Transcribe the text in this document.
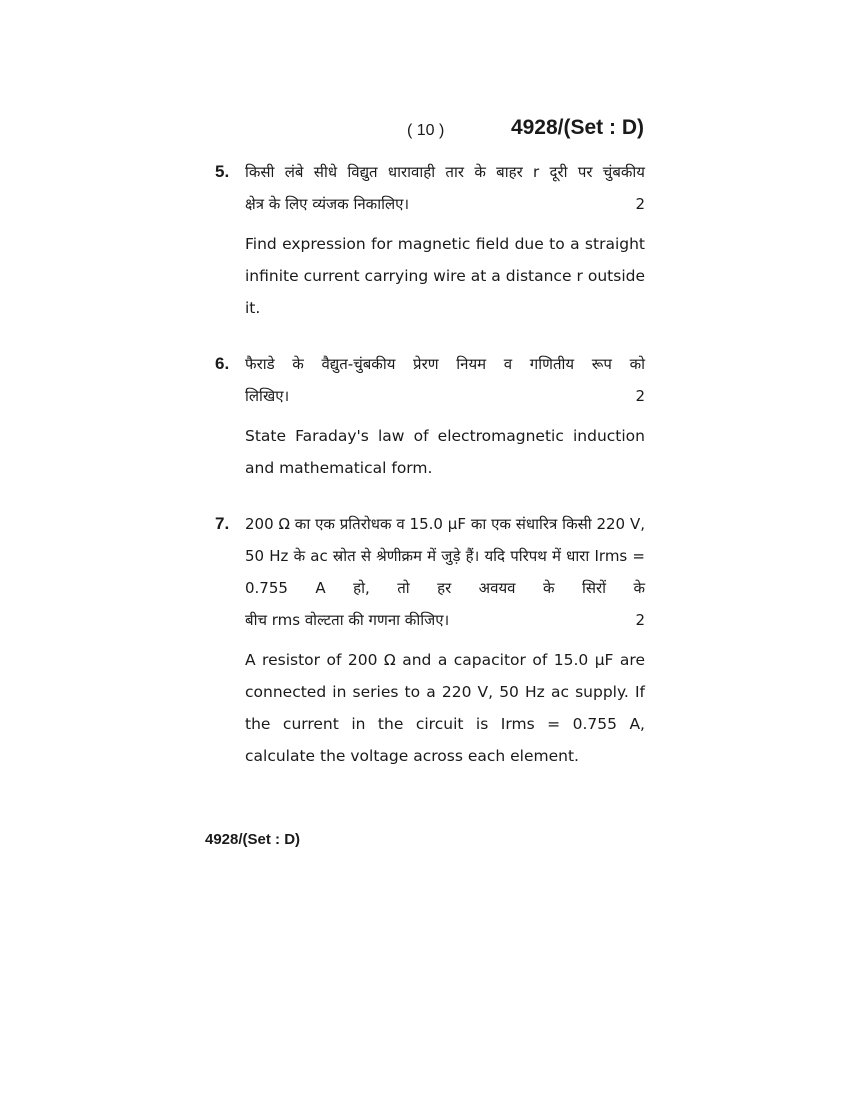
( 10 )	4928/(Set : D)
5. किसी लंबे सीधे विद्युत धारावाही तार के बाहर r दूरी पर चुंबकीय
क्षेत्र के लिए व्यंजक निकालिए।	2
Find expression for magnetic field due to a straight infinite current carrying wire at a distance r outside it.
6. फैराडे के वैद्युत-चुंबकीय प्रेरण नियम व गणितीय रूप को
लिखिए।	2
State Faraday's law of electromagnetic induction and mathematical form.
7. 200 Ω का एक प्रतिरोधक व 15.0 μF का एक संधारित्र किसी 220 V, 50 Hz के ac स्रोत से श्रेणीक्रम में जुड़े हैं। यदि परिपथ में धारा Irms = 0.755 A हो, तो हर अवयव के सिरों के
बीच rms वोल्टता की गणना कीजिए।	2
A resistor of 200 Ω and a capacitor of 15.0 μF are connected in series to a 220 V, 50 Hz ac supply. If the current in the circuit is Irms = 0.755 A, calculate the voltage across each element.
4928/(Set : D)
